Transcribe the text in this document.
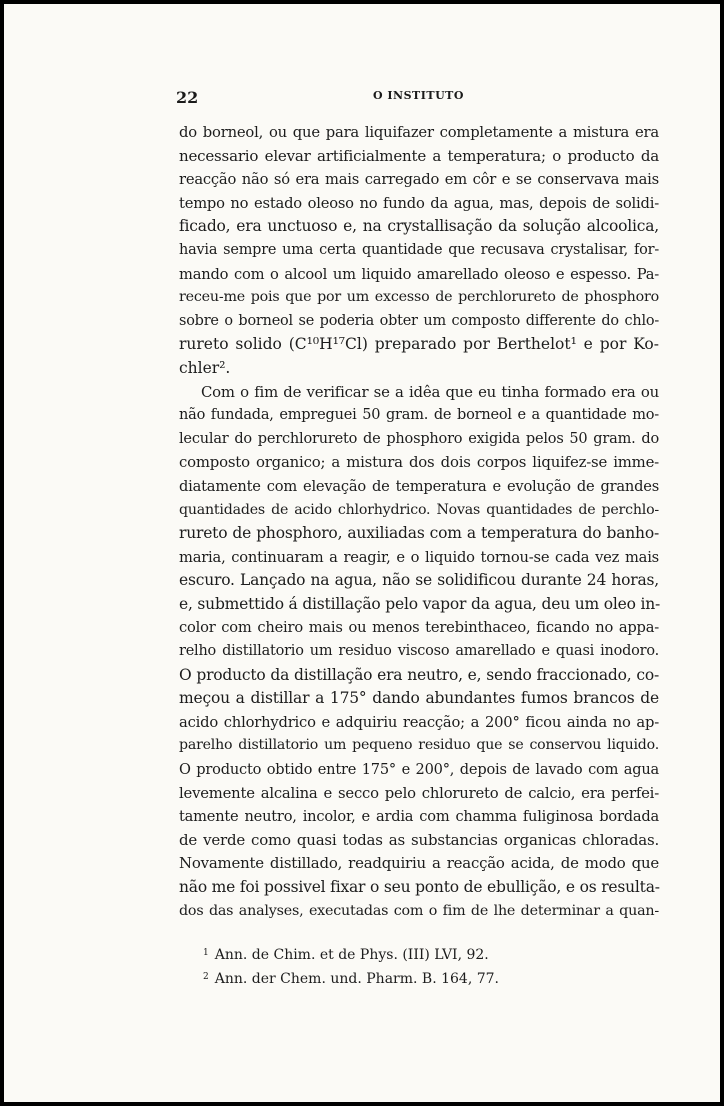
22	O INSTITUTO
do borneol, ou que para liquifazer completamente a mistura era
necessario elevar artificialmente a temperatura; o producto da
reacção não só era mais carregado em côr e se conservava mais
tempo no estado oleoso no fundo da agua, mas, depois de solidi-
ficado, era unctuoso e, na crystallisação da solução alcoolica,
havia sempre uma certa quantidade que recusava crystalisar, for-
mando com o alcool um liquido amarellado oleoso e espesso. Pa-
receu-me pois que por um excesso de perchlorureto de phosphoro
sobre o borneol se poderia obter um composto differente do chlo-
rureto solido (C¹⁰H¹⁷Cl) preparado por Berthelot¹ e por Ko-
chler².
Com o fim de verificar se a idêa que eu tinha formado era ou
não fundada, empreguei 50 gram. de borneol e a quantidade mo-
lecular do perchlorureto de phosphoro exigida pelos 50 gram. do
composto organico; a mistura dos dois corpos liquifez-se imme-
diatamente com elevação de temperatura e evolução de grandes
quantidades de acido chlorhydrico. Novas quantidades de perchlo-
rureto de phosphoro, auxiliadas com a temperatura do banho-
maria, continuaram a reagir, e o liquido tornou-se cada vez mais
escuro. Lançado na agua, não se solidificou durante 24 horas,
e, submettido á distillação pelo vapor da agua, deu um oleo in-
color com cheiro mais ou menos terebinthaceo, ficando no appa-
relho distillatorio um residuo viscoso amarellado e quasi inodoro.
O producto da distillação era neutro, e, sendo fraccionado, co-
meçou a distillar a 175° dando abundantes fumos brancos de
acido chlorhydrico e adquiriu reacção; a 200° ficou ainda no ap-
parelho distillatorio um pequeno residuo que se conservou liquido.
O producto obtido entre 175° e 200°, depois de lavado com agua
levemente alcalina e secco pelo chlorureto de calcio, era perfei-
tamente neutro, incolor, e ardia com chamma fuliginosa bordada
de verde como quasi todas as substancias organicas chloradas.
Novamente distillado, readquiriu a reacção acida, de modo que
não me foi possivel fixar o seu ponto de ebullição, e os resulta-
dos das analyses, executadas com o fim de lhe determinar a quan-
$^1$ Ann. de Chim. et de Phys. (III) LVI, 92.
$^2$ Ann. der Chem. und. Pharm. B. 164, 77.
